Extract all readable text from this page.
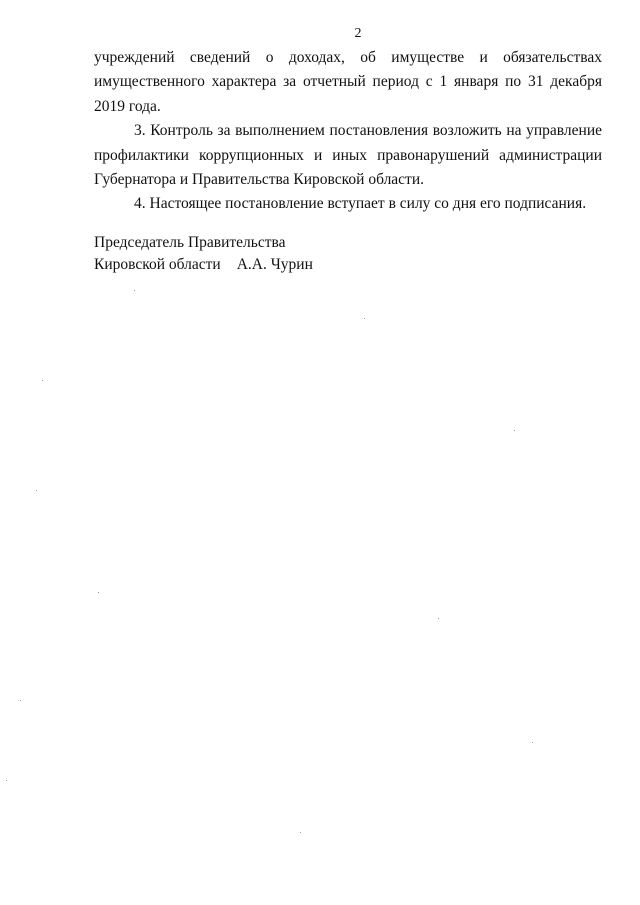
2

учреждений сведений о доходах, об имуществе и обязательствах имущественного характера за отчетный период с 1 января по 31 декабря 2019 года.

3. Контроль за выполнением постановления возложить на управление профилактики коррупционных и иных правонарушений администрации Губернатора и Правительства Кировской области.

4. Настоящее постановление вступает в силу со дня его подписания.

Председатель Правительства
Кировской области А.А. Чурин
